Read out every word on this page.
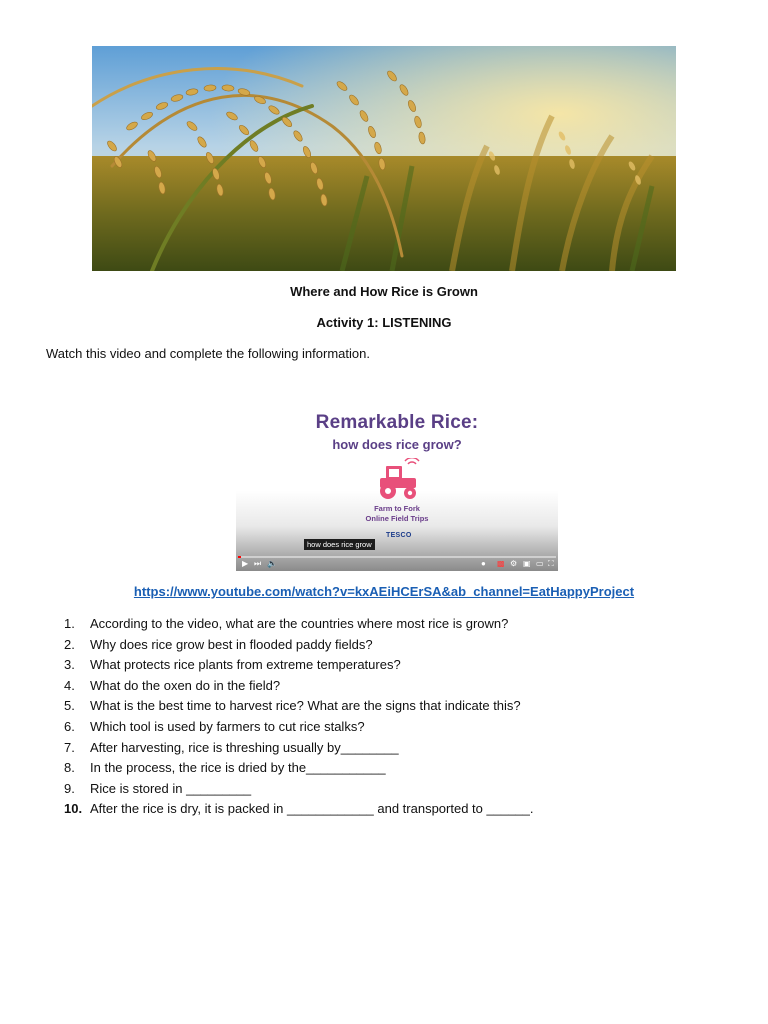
Where and How Rice is Grown
Activity 1: LISTENING
Watch this video and complete the following information.
Remarkable Rice:
how does rice grow?
Farm to Fork
Online Field Trips
TESCO
how does rice grow
▶ ⏭ 🔈	● ▩ ⚙ ▣ ▭ ⛶
https://www.youtube.com/watch?v=kxAEiHCErSA&ab_channel=EatHappyProject
1. According to the video, what are the countries where most rice is grown?
2. Why does rice grow best in flooded paddy fields?
3. What protects rice plants from extreme temperatures?
4. What do the oxen do in the field?
5. What is the best time to harvest rice? What are the signs that indicate this?
6. Which tool is used by farmers to cut rice stalks?
7. After harvesting, rice is threshing usually by________
8. In the process, the rice is dried by the___________
9. Rice is stored in _________
10. After the rice is dry, it is packed in ____________ and transported to ______.
